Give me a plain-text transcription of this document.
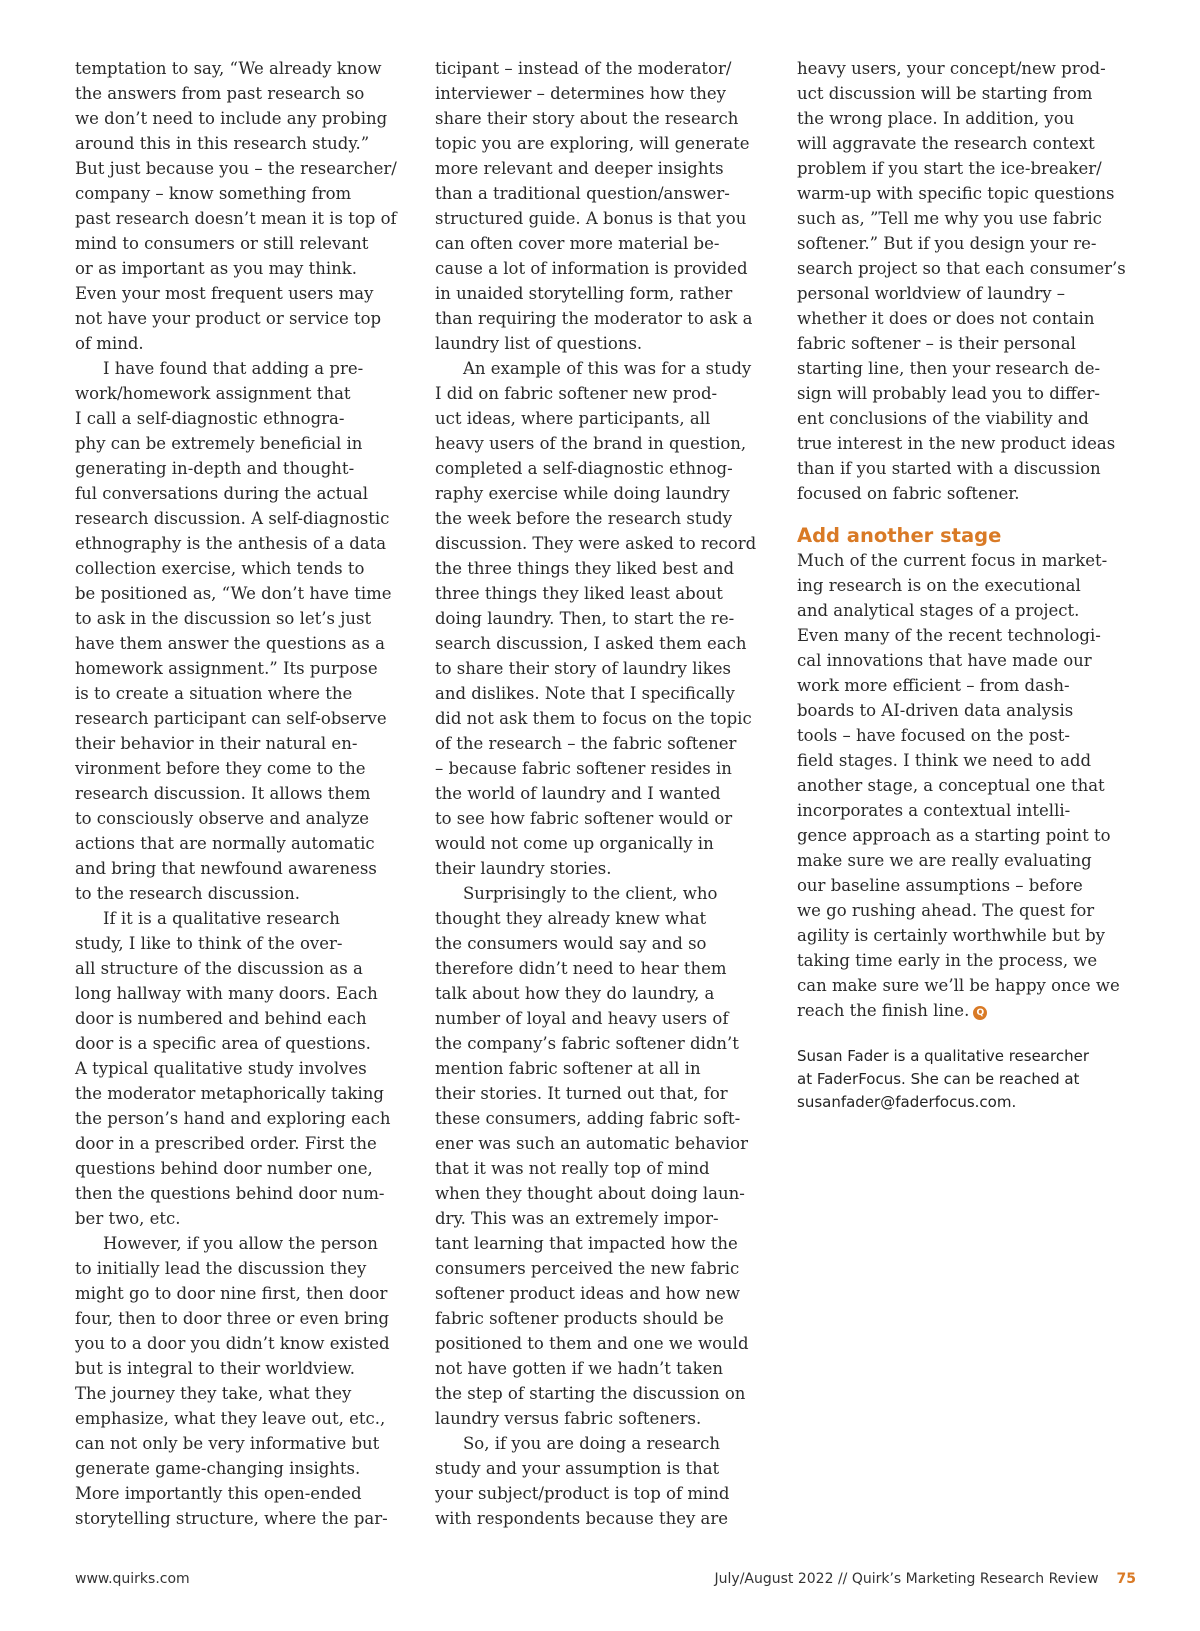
temptation to say, “We already know
the answers from past research so
we don’t need to include any probing
around this in this research study.”
But just because you – the researcher/
company – know something from
past research doesn’t mean it is top of
mind to consumers or still relevant
or as important as you may think.
Even your most frequent users may
not have your product or service top
of mind.
I have found that adding a pre-
work/homework assignment that
I call a self-diagnostic ethnogra-
phy can be extremely beneficial in
generating in-depth and thought-
ful conversations during the actual
research discussion. A self-diagnostic
ethnography is the anthesis of a data
collection exercise, which tends to
be positioned as, “We don’t have time
to ask in the discussion so let’s just
have them answer the questions as a
homework assignment.” Its purpose
is to create a situation where the
research participant can self-observe
their behavior in their natural en-
vironment before they come to the
research discussion. It allows them
to consciously observe and analyze
actions that are normally automatic
and bring that newfound awareness
to the research discussion.
If it is a qualitative research
study, I like to think of the over-
all structure of the discussion as a
long hallway with many doors. Each
door is numbered and behind each
door is a specific area of questions.
A typical qualitative study involves
the moderator metaphorically taking
the person’s hand and exploring each
door in a prescribed order. First the
questions behind door number one,
then the questions behind door num-
ber two, etc.
However, if you allow the person
to initially lead the discussion they
might go to door nine first, then door
four, then to door three or even bring
you to a door you didn’t know existed
but is integral to their worldview.
The journey they take, what they
emphasize, what they leave out, etc.,
can not only be very informative but
generate game-changing insights.
More importantly this open-ended
storytelling structure, where the par-
ticipant – instead of the moderator/
interviewer – determines how they
share their story about the research
topic you are exploring, will generate
more relevant and deeper insights
than a traditional question/answer-
structured guide. A bonus is that you
can often cover more material be-
cause a lot of information is provided
in unaided storytelling form, rather
than requiring the moderator to ask a
laundry list of questions.
An example of this was for a study
I did on fabric softener new prod-
uct ideas, where participants, all
heavy users of the brand in question,
completed a self-diagnostic ethnog-
raphy exercise while doing laundry
the week before the research study
discussion. They were asked to record
the three things they liked best and
three things they liked least about
doing laundry. Then, to start the re-
search discussion, I asked them each
to share their story of laundry likes
and dislikes. Note that I specifically
did not ask them to focus on the topic
of the research – the fabric softener
– because fabric softener resides in
the world of laundry and I wanted
to see how fabric softener would or
would not come up organically in
their laundry stories.
Surprisingly to the client, who
thought they already knew what
the consumers would say and so
therefore didn’t need to hear them
talk about how they do laundry, a
number of loyal and heavy users of
the company’s fabric softener didn’t
mention fabric softener at all in
their stories. It turned out that, for
these consumers, adding fabric soft-
ener was such an automatic behavior
that it was not really top of mind
when they thought about doing laun-
dry. This was an extremely impor-
tant learning that impacted how the
consumers perceived the new fabric
softener product ideas and how new
fabric softener products should be
positioned to them and one we would
not have gotten if we hadn’t taken
the step of starting the discussion on
laundry versus fabric softeners.
So, if you are doing a research
study and your assumption is that
your subject/product is top of mind
with respondents because they are
heavy users, your concept/new prod-
uct discussion will be starting from
the wrong place. In addition, you
will aggravate the research context
problem if you start the ice-breaker/
warm-up with specific topic questions
such as, ”Tell me why you use fabric
softener.” But if you design your re-
search project so that each consumer’s
personal worldview of laundry –
whether it does or does not contain
fabric softener – is their personal
starting line, then your research de-
sign will probably lead you to differ-
ent conclusions of the viability and
true interest in the new product ideas
than if you started with a discussion
focused on fabric softener.
Add another stage
Much of the current focus in market-
ing research is on the executional
and analytical stages of a project.
Even many of the recent technologi-
cal innovations that have made our
work more efficient – from dash-
boards to AI-driven data analysis
tools – have focused on the post-
field stages. I think we need to add
another stage, a conceptual one that
incorporates a contextual intelli-
gence approach as a starting point to
make sure we are really evaluating
our baseline assumptions – before
we go rushing ahead. The quest for
agility is certainly worthwhile but by
taking time early in the process, we
can make sure we’ll be happy once we
reach the finish line. Q
Susan Fader is a qualitative researcher
at FaderFocus. She can be reached at
susanfader@faderfocus.com.
www.quirks.com	July/August 2022 // Quirk’s Marketing Research Review 75
